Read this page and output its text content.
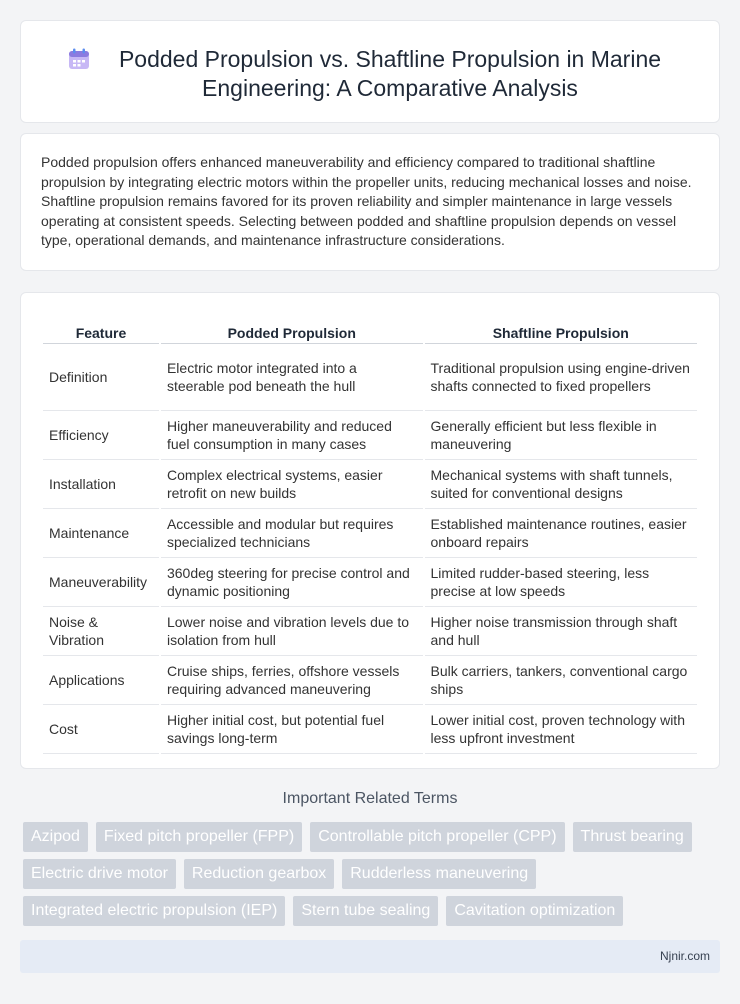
Podded Propulsion vs. Shaftline Propulsion in Marine Engineering: A Comparative Analysis

Podded propulsion offers enhanced maneuverability and efficiency compared to traditional shaftline propulsion by integrating electric motors within the propeller units, reducing mechanical losses and noise. Shaftline propulsion remains favored for its proven reliability and simpler maintenance in large vessels operating at consistent speeds. Selecting between podded and shaftline propulsion depends on vessel type, operational demands, and maintenance infrastructure considerations.

Feature	Podded Propulsion	Shaftline Propulsion
Definition	Electric motor integrated into a steerable pod beneath the hull	Traditional propulsion using engine-driven shafts connected to fixed propellers
Efficiency	Higher maneuverability and reduced fuel consumption in many cases	Generally efficient but less flexible in maneuvering
Installation	Complex electrical systems, easier retrofit on new builds	Mechanical systems with shaft tunnels, suited for conventional designs
Maintenance	Accessible and modular but requires specialized technicians	Established maintenance routines, easier onboard repairs
Maneuverability	360deg steering for precise control and dynamic positioning	Limited rudder-based steering, less precise at low speeds
Noise & Vibration	Lower noise and vibration levels due to isolation from hull	Higher noise transmission through shaft and hull
Applications	Cruise ships, ferries, offshore vessels requiring advanced maneuvering	Bulk carriers, tankers, conventional cargo ships
Cost	Higher initial cost, but potential fuel savings long-term	Lower initial cost, proven technology with less upfront investment
Important Related Terms
Azipod	Fixed pitch propeller (FPP)	Controllable pitch propeller (CPP)	Thrust bearing
Electric drive motor	Reduction gearbox	Rudderless maneuvering
Integrated electric propulsion (IEP)	Stern tube sealing	Cavitation optimization
Njnir.com
